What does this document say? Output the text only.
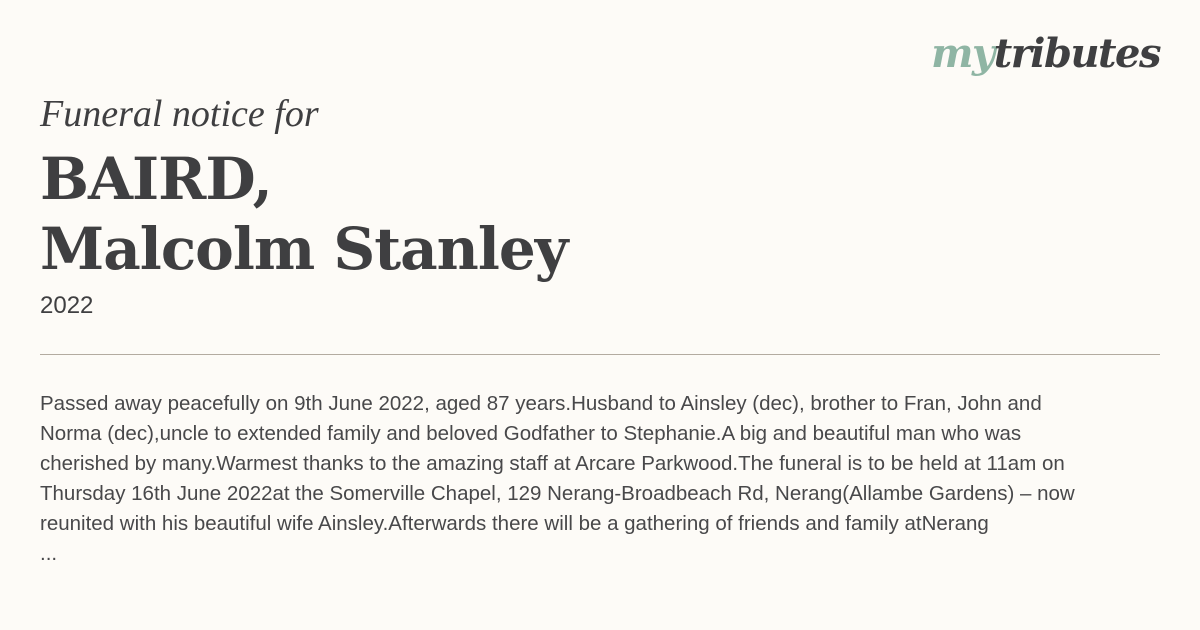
mytributes
Funeral notice for
BAIRD,
Malcolm Stanley
2022
Passed away peacefully on 9th June 2022, aged 87 years.Husband to Ainsley (dec), brother to Fran, John and
Norma (dec),uncle to extended family and beloved Godfather to Stephanie.A big and beautiful man who was
cherished by many.Warmest thanks to the amazing staff at Arcare Parkwood.The funeral is to be held at 11am on
Thursday 16th June 2022at the Somerville Chapel, 129 Nerang-Broadbeach Rd, Nerang(Allambe Gardens) – now
reunited with his beautiful wife Ainsley.Afterwards there will be a gathering of friends and family atNerang
...
